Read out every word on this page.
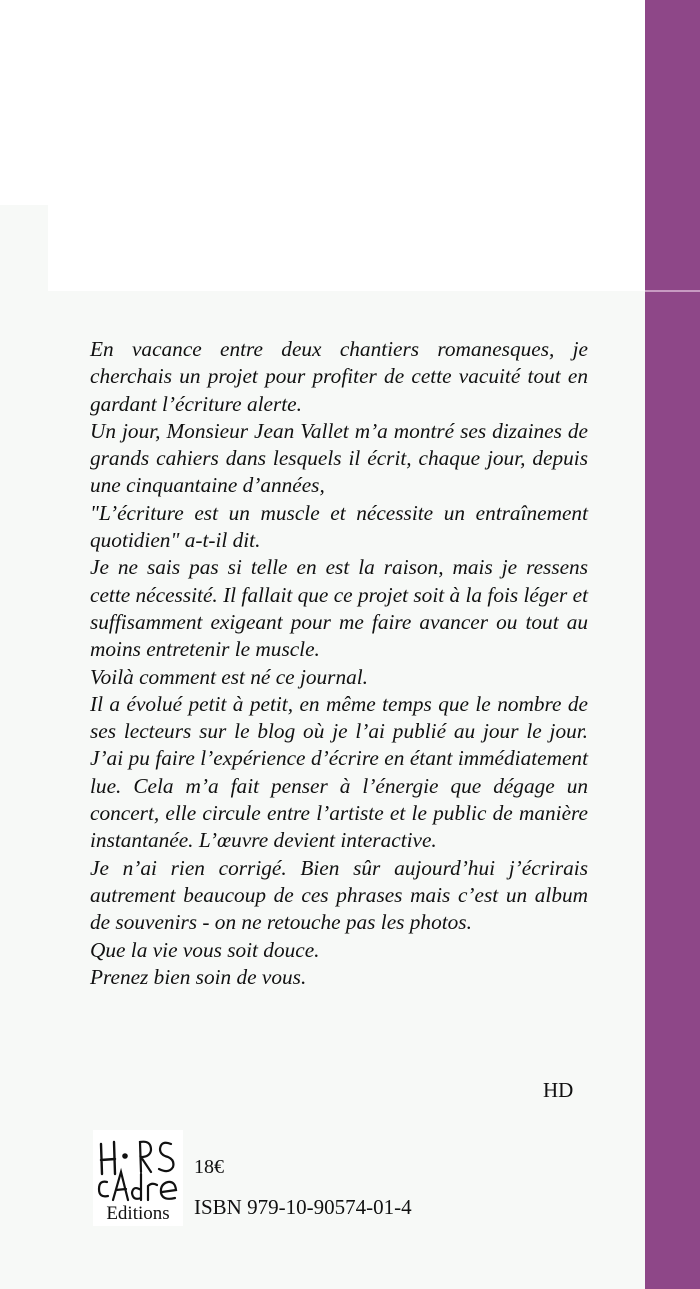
En vacance entre deux chantiers romanesques, je cherchais un projet pour profiter de cette vacuité tout en gardant l’écriture alerte.

Un jour, Monsieur Jean Vallet m’a montré ses dizaines de grands cahiers dans lesquels il écrit, chaque jour, depuis une cinquantaine d’années,

"L’écriture est un muscle et nécessite un entraînement quotidien" a-t-il dit.

Je ne sais pas si telle en est la raison, mais je ressens cette nécessité. Il fallait que ce projet soit à la fois léger et suffisamment exigeant pour me faire avancer ou tout au moins entretenir le muscle.

Voilà comment est né ce journal.

Il a évolué petit à petit, en même temps que le nombre de ses lecteurs sur le blog où je l’ai publié au jour le jour. J’ai pu faire l’expérience d’écrire en étant immédiatement lue. Cela m’a fait penser à l’énergie que dégage un concert, elle circule entre l’artiste et le public de manière instantanée. L’œuvre devient interactive.

Je n’ai rien corrigé. Bien sûr aujourd’hui j’écrirais autrement beaucoup de ces phrases mais c’est un album de souvenirs - on ne retouche pas les photos.

Que la vie vous soit douce.

Prenez bien soin de vous.

HD
Editions
18€
ISBN 979-10-90574-01-4
